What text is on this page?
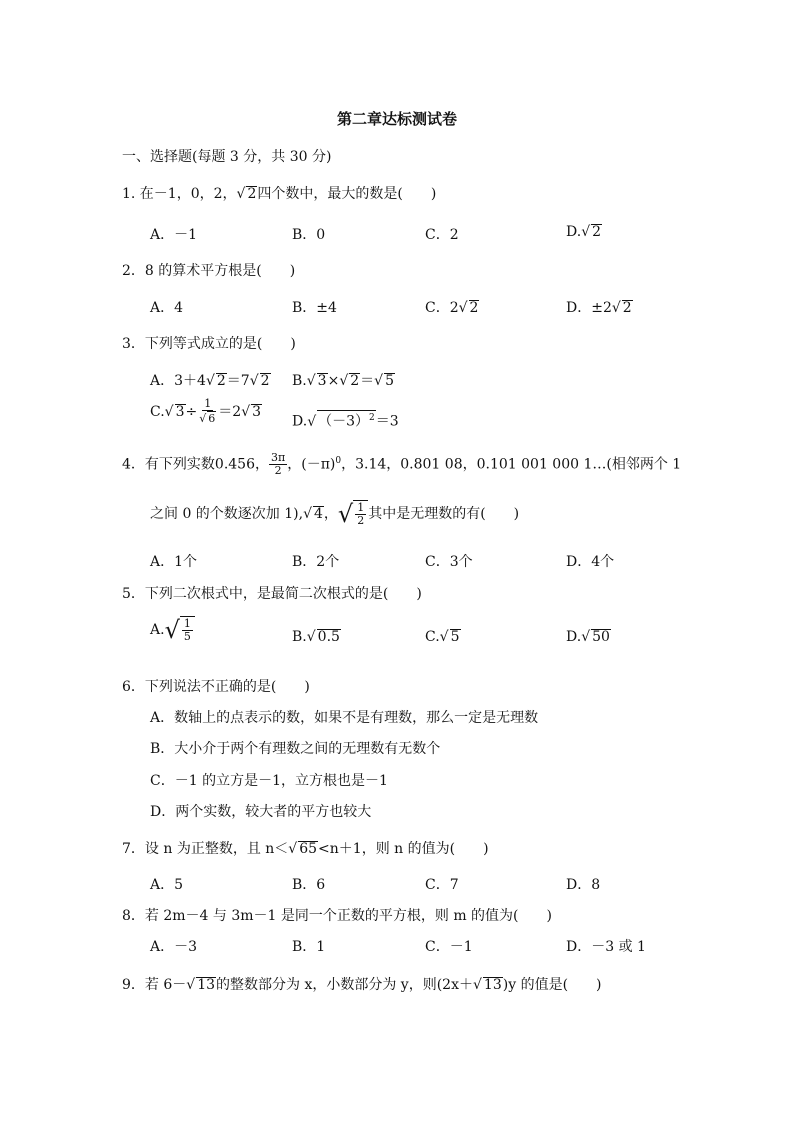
第二章达标测试卷
一、选择题(每题 3 分，共 30 分)
1. 在－1，0，2， √ 2四个数中，最大的数是(　　)
A．－1	B．0	C．2	D. √ 2
2．8 的算术平方根是(　　)
A．4	B．±4	C．2 √ 2	D．±2 √ 2
3．下列等式成立的是(　　)
A．3＋4 √ 2＝7 √ 2 B. √ 3× √ 2＝ √ 5
C. √ 3÷ 1
√ 6 ＝2 √ 3
D. √ $(-3)^2=3$
4．有下列实数0.456， $\frac{3\pi}{2}$ ，$(-\pi)^0$，3.14，0.801 08，0.101 001 000 1…(相邻两个 1
之间 0 的个数逐次加 1), √ 4， √ $\frac{1}{2}$ 其中是无理数的有(　　)
A．1个	B．2个	C．3个	D．4个
5．下列二次根式中，是最简二次根式的是(　　)
A. √ $\frac{1}{5}$	B. √ 0.5	C. √ 5	D. √ 50
6．下列说法不正确的是(　　)
A．数轴上的点表示的数，如果不是有理数，那么一定是无理数
B．大小介于两个有理数之间的无理数有无数个
C．－1 的立方是－1，立方根也是－1
D．两个实数，较大者的平方也较大
7．设 n 为正整数，且 n＜ √ 65<n＋1，则 n 的值为(　　)
A．5	B．6	C．7	D．8
8．若 2m－4 与 3m－1 是同一个正数的平方根，则 m 的值为(　　)
A．－3	B．1	C．－1	D．－3 或 1
9．若 6－ √ 13的整数部分为 x，小数部分为 y，则(2x＋ √ 13)y 的值是(　　)
